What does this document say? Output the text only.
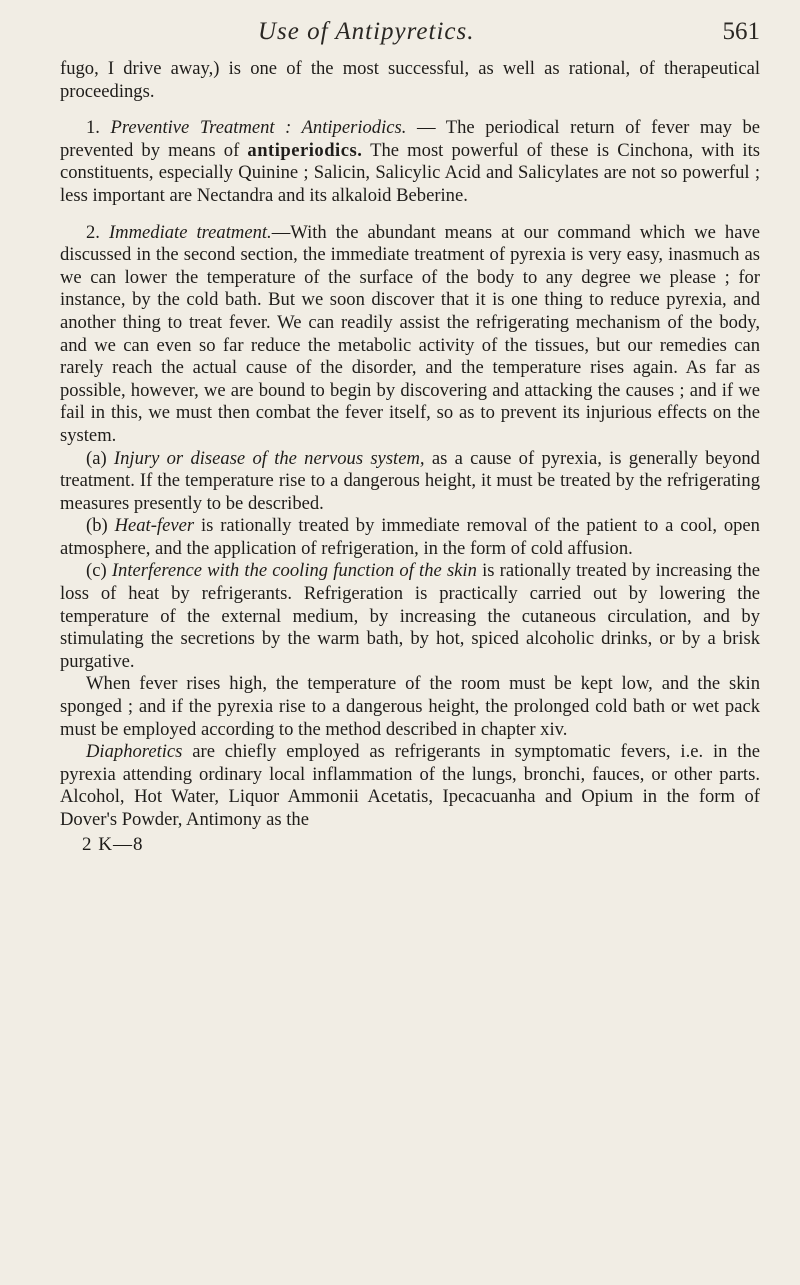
Use of Antipyretics.	561

fugo, I drive away,) is one of the most successful, as well as rational, of therapeutical proceedings.

1. Preventive Treatment : Antiperiodics. — The periodical return of fever may be prevented by means of antiperiodics. The most powerful of these is Cinchona, with its constituents, especially Quinine ; Salicin, Salicylic Acid and Salicylates are not so powerful ; less important are Nectandra and its alkaloid Beberine.

2. Immediate treatment.—With the abundant means at our command which we have discussed in the second section, the immediate treatment of pyrexia is very easy, inasmuch as we can lower the temperature of the surface of the body to any degree we please ; for instance, by the cold bath. But we soon discover that it is one thing to reduce pyrexia, and another thing to treat fever. We can readily assist the refrigerating mechanism of the body, and we can even so far reduce the metabolic activity of the tissues, but our remedies can rarely reach the actual cause of the disorder, and the temperature rises again. As far as possible, however, we are bound to begin by discovering and attacking the causes ; and if we fail in this, we must then combat the fever itself, so as to prevent its injurious effects on the system.

(a) Injury or disease of the nervous system, as a cause of pyrexia, is generally beyond treatment. If the temperature rise to a dangerous height, it must be treated by the refrigerating measures presently to be described.

(b) Heat-fever is rationally treated by immediate removal of the patient to a cool, open atmosphere, and the application of refrigeration, in the form of cold affusion.

(c) Interference with the cooling function of the skin is rationally treated by increasing the loss of heat by refrigerants. Refrigeration is practically carried out by lowering the temperature of the external medium, by increasing the cutaneous circulation, and by stimulating the secretions by the warm bath, by hot, spiced alcoholic drinks, or by a brisk purgative.

When fever rises high, the temperature of the room must be kept low, and the skin sponged ; and if the pyrexia rise to a dangerous height, the prolonged cold bath or wet pack must be employed according to the method described in chapter xiv.

Diaphoretics are chiefly employed as refrigerants in symptomatic fevers, i.e. in the pyrexia attending ordinary local inflammation of the lungs, bronchi, fauces, or other parts. Alcohol, Hot Water, Liquor Ammonii Acetatis, Ipecacuanha and Opium in the form of Dover's Powder, Antimony as the

2 K—8
